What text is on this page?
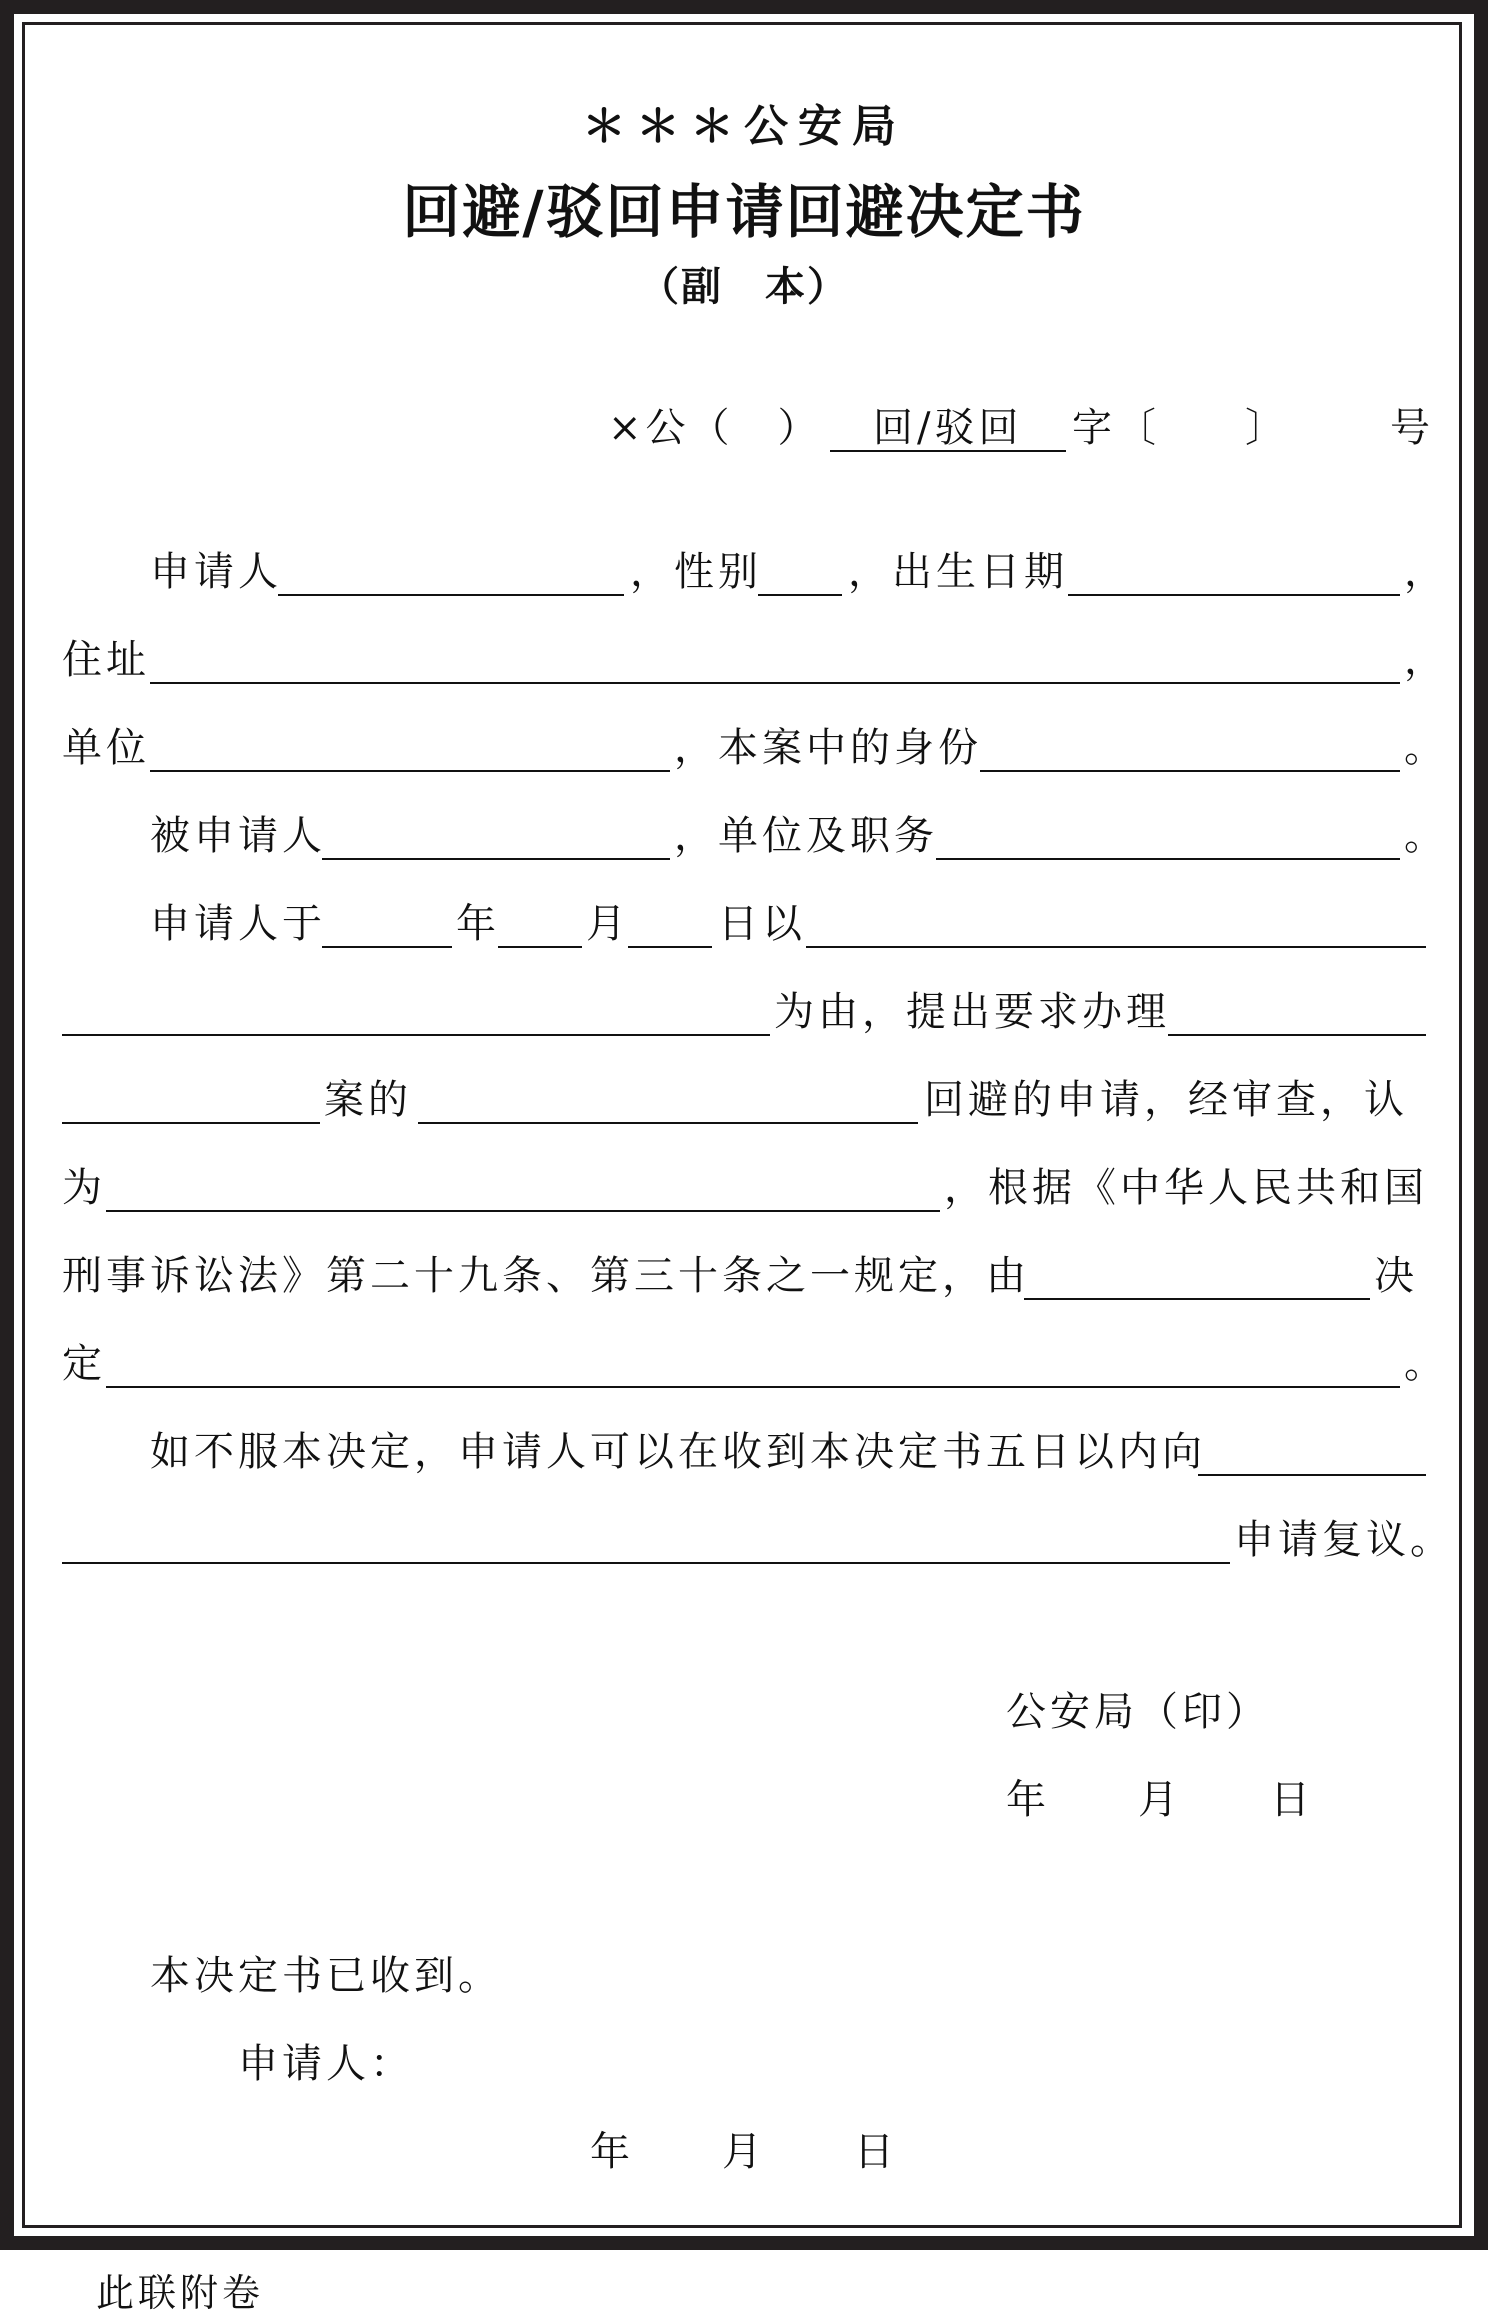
＊＊＊公安局
回避/驳回申请回避决定书
（副　本）
×公（　） 回/驳回 字〔 〕	号
申请人	，性别 ，出生日期	，
住址	，
单位	，本案中的身份	。
被申请人	，单位及职务	。
申请人于	年 月 日以
为由，提出要求办理
案的	回避的申请，经审查，认
为	，根据《中华人民共和国
刑事诉讼法》第二十九条、第三十条之一规定，由	决
定	。
如不服本决定，申请人可以在收到本决定书五日以内向
申请复议。
公安局（印）
年　　月　　日
本决定书已收到。
申请人：
年　　月　　日
此联附卷
